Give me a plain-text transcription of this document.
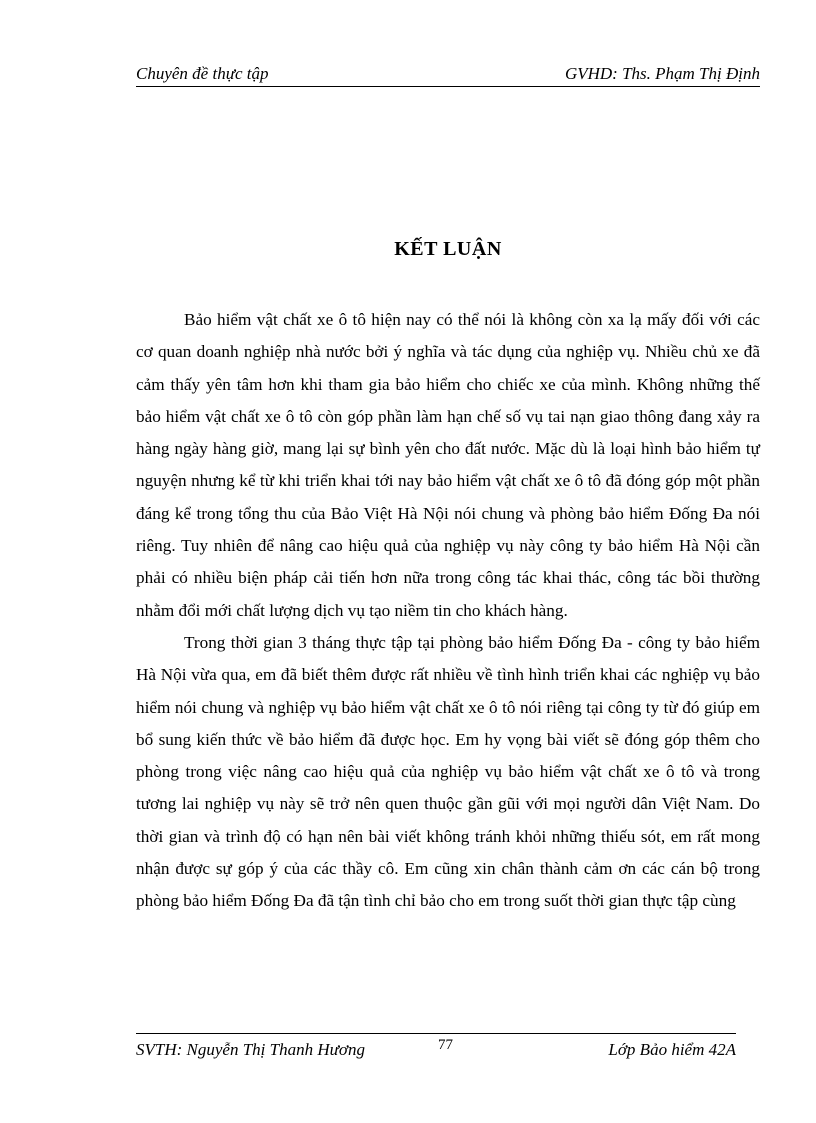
Chuyên đề thực tập	GVHD: Ths. Phạm Thị Định
KẾT LUẬN

Bảo hiểm vật chất xe ô tô hiện nay có thể nói là không còn xa lạ mấy đối với các cơ quan doanh nghiệp nhà nước bởi ý nghĩa và tác dụng của nghiệp vụ. Nhiều chủ xe đã cảm thấy yên tâm hơn khi tham gia bảo hiểm cho chiếc xe của mình. Không những thế bảo hiểm vật chất xe ô tô còn góp phần làm hạn chế số vụ tai nạn giao thông đang xảy ra hàng ngày hàng giờ, mang lại sự bình yên cho đất nước. Mặc dù là loại hình bảo hiểm tự nguyện nhưng kể từ khi triển khai tới nay bảo hiểm vật chất xe ô tô đã đóng góp một phần đáng kể trong tổng thu của Bảo Việt Hà Nội nói chung và phòng bảo hiểm Đống Đa nói riêng. Tuy nhiên để nâng cao hiệu quả của nghiệp vụ này công ty bảo hiểm Hà Nội cần phải có nhiều biện pháp cải tiến hơn nữa trong công tác khai thác, công tác bồi thường nhằm đổi mới chất lượng dịch vụ tạo niềm tin cho khách hàng.

Trong thời gian 3 tháng thực tập tại phòng bảo hiểm Đống Đa - công ty bảo hiểm Hà Nội vừa qua, em đã biết thêm được rất nhiều về tình hình triển khai các nghiệp vụ bảo hiểm nói chung và nghiệp vụ bảo hiểm vật chất xe ô tô nói riêng tại công ty từ đó giúp em bổ sung kiến thức về bảo hiểm đã được học. Em hy vọng bài viết sẽ đóng góp thêm cho phòng trong việc nâng cao hiệu quả của nghiệp vụ bảo hiểm vật chất xe ô tô và trong tương lai nghiệp vụ này sẽ trở nên quen thuộc gần gũi với mọi người dân Việt Nam. Do thời gian và trình độ có hạn nên bài viết không tránh khỏi những thiếu sót, em rất mong nhận được sự góp ý của các thầy cô. Em cũng xin chân thành cảm ơn các cán bộ trong phòng bảo hiểm Đống Đa đã tận tình chỉ bảo cho em trong suốt thời gian thực tập cùng

SVTH: Nguyễn Thị Thanh Hương	77	Lớp Bảo hiểm 42A
